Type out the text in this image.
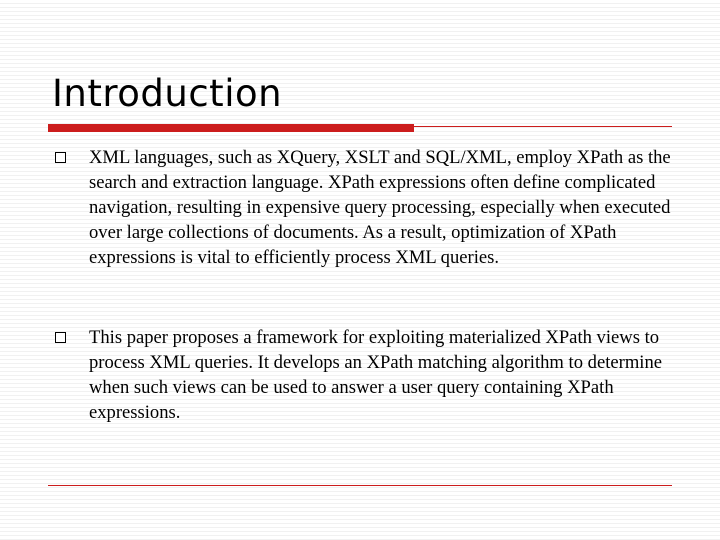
Introduction

XML languages, such as XQuery, XSLT and SQL/XML, employ XPath as the search and extraction language. XPath expressions often define complicated navigation, resulting in expensive query processing, especially when executed over large collections of documents. As a result, optimization of XPath expressions is vital to efficiently process XML queries.

This paper proposes a framework for exploiting materialized XPath views to process XML queries. It develops an XPath matching algorithm to determine when such views can be used to answer a user query containing XPath expressions.
